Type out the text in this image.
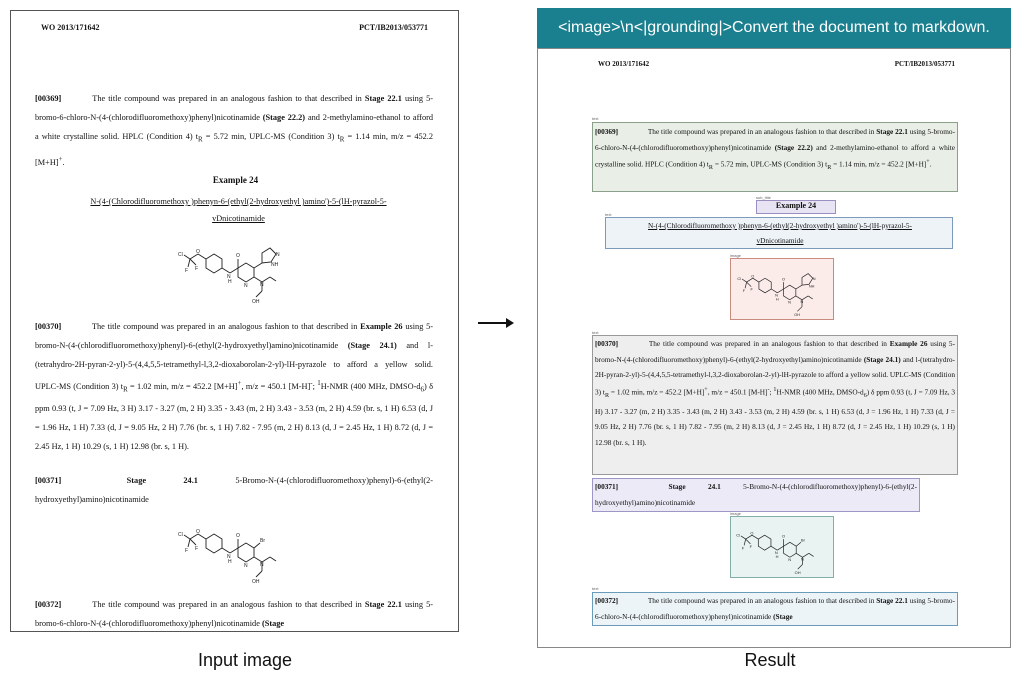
<image>\n<|grounding|>Convert the document to markdown.
Input image	Result
WO 2013/171642	PCT/IB2013/053771
[00369]	The title compound was prepared in an analogous fashion to that described in Stage 22.1 using 5-bromo-6-chloro-N-(4-(chlorodifluoromethoxy)phenyl)nicotinamide (Stage 22.2) and 2-methylamino-ethanol to afford a white crystalline solid. HPLC (Condition 4) $t_R = 5.72$ min, UPLC-MS (Condition 3) $t_R = 1.14$ min, m/z = 452.2 [M+H]+.
Example 24
N-(4-(Chlorodifluoromethoxy )phenyn-6-(ethyl(2-hydroxyethyl )amino')-5-(lH-pyrazol-5-
vDnicotinamide
Cl	O
F F
N
H
O
N N
N
NH
OH
[00370]	The title compound was prepared in an analogous fashion to that described in Example 26 using 5-bromo-N-(4-(chlorodifluoromethoxy)phenyl)-6-(ethyl(2-hydroxyethyl)amino)nicotinamide (Stage 24.1) and l-(tetrahydro-2H-pyran-2-yl)-5-(4,4,5,5-tetramethyl-l,3,2-dioxaborolan-2-yl)-lH-pyrazole to afford a yellow solid. UPLC-MS (Condition 3) $t_R = 1.02$ min, m/z = 452.2 [M+H]+, m/z = 450.1 [M-H]-; $^1$H-NMR (400 MHz, DMSO-$d_6$) δ ppm 0.93 (t, J = 7.09 Hz, 3 H) 3.17 - 3.27 (m, 2 H) 3.35 - 3.43 (m, 2 H) 3.43 - 3.53 (m, 2 H) 4.59 (br. s, 1 H) 6.53 (d, J = 1.96 Hz, 1 H) 7.33 (d, J = 9.05 Hz, 2 H) 7.76 (br. s, 1 H) 7.82 - 7.95 (m, 2 H) 8.13 (d, J = 2.45 Hz, 1 H) 8.72 (d, J = 2.45 Hz, 1 H) 10.29 (s, 1 H) 12.98 (br. s, 1 H).
[00371]	Stage 24.1	5-Bromo-N-(4-(chlorodifluoromethoxy)phenyl)-6-(ethyl(2-hydroxyethyl)amino)nicotinamide
Cl	O
F F
N
H
O
N N
Br
OH
[00372]	The title compound was prepared in an analogous fashion to that described in Stage 22.1 using 5-bromo-6-chloro-N-(4-(chlorodifluoromethoxy)phenyl)nicotinamide (Stage
WO 2013/171642	PCT/IB2013/053771
text
[00369]	The title compound was prepared in an analogous fashion to that described in Stage 22.1 using 5-bromo-6-chloro-N-(4-(chlorodifluoromethoxy)phenyl)nicotinamide (Stage 22.2) and 2-methylamino-ethanol to afford a white crystalline solid. HPLC (Condition 4) $t_R = 5.72$ min, UPLC-MS (Condition 3) $t_R = 1.14$ min, m/z = 452.2 [M+H]+.
sub_title
Example 24
text
N-(4-(Chlorodifluoromethoxy )phenyn-6-(ethyl(2-hydroxyethyl )amino')-5-(lH-pyrazol-5-
vDnicotinamide
image
Cl
O
F F
N
H
O
N N
N
NH
OH
text
[00370]	The title compound was prepared in an analogous fashion to that described in Example 26 using 5-bromo-N-(4-(chlorodifluoromethoxy)phenyl)-6-(ethyl(2-hydroxyethyl)amino)nicotinamide (Stage 24.1) and l-(tetrahydro-2H-pyran-2-yl)-5-(4,4,5,5-tetramethyl-l,3,2-dioxaborolan-2-yl)-lH-pyrazole to afford a yellow solid. UPLC-MS (Condition 3) $t_R = 1.02$ min, m/z = 452.2 [M+H]+, m/z = 450.1 [M-H]-; $^1$H-NMR (400 MHz, DMSO-$d_6$) δ ppm 0.93 (t, J = 7.09 Hz, 3 H) 3.17 - 3.27 (m, 2 H) 3.35 - 3.43 (m, 2 H) 3.43 - 3.53 (m, 2 H) 4.59 (br. s, 1 H) 6.53 (d, J = 1.96 Hz, 1 H) 7.33 (d, J = 9.05 Hz, 2 H) 7.76 (br. s, 1 H) 7.82 - 7.95 (m, 2 H) 8.13 (d, J = 2.45 Hz, 1 H) 8.72 (d, J = 2.45 Hz, 1 H) 10.29 (s, 1 H) 12.98 (br. s, 1 H).
[00371]	Stage 24.1	5-Bromo-N-(4-(chlorodifluoromethoxy)phenyl)-6-(ethyl(2-hydroxyethyl)amino)nicotinamide
image
Cl O
F F
N
H
O
N N
Br
OH
text
[00372]	The title compound was prepared in an analogous fashion to that described in Stage 22.1 using 5-bromo-6-chloro-N-(4-(chlorodifluoromethoxy)phenyl)nicotinamide (Stage
